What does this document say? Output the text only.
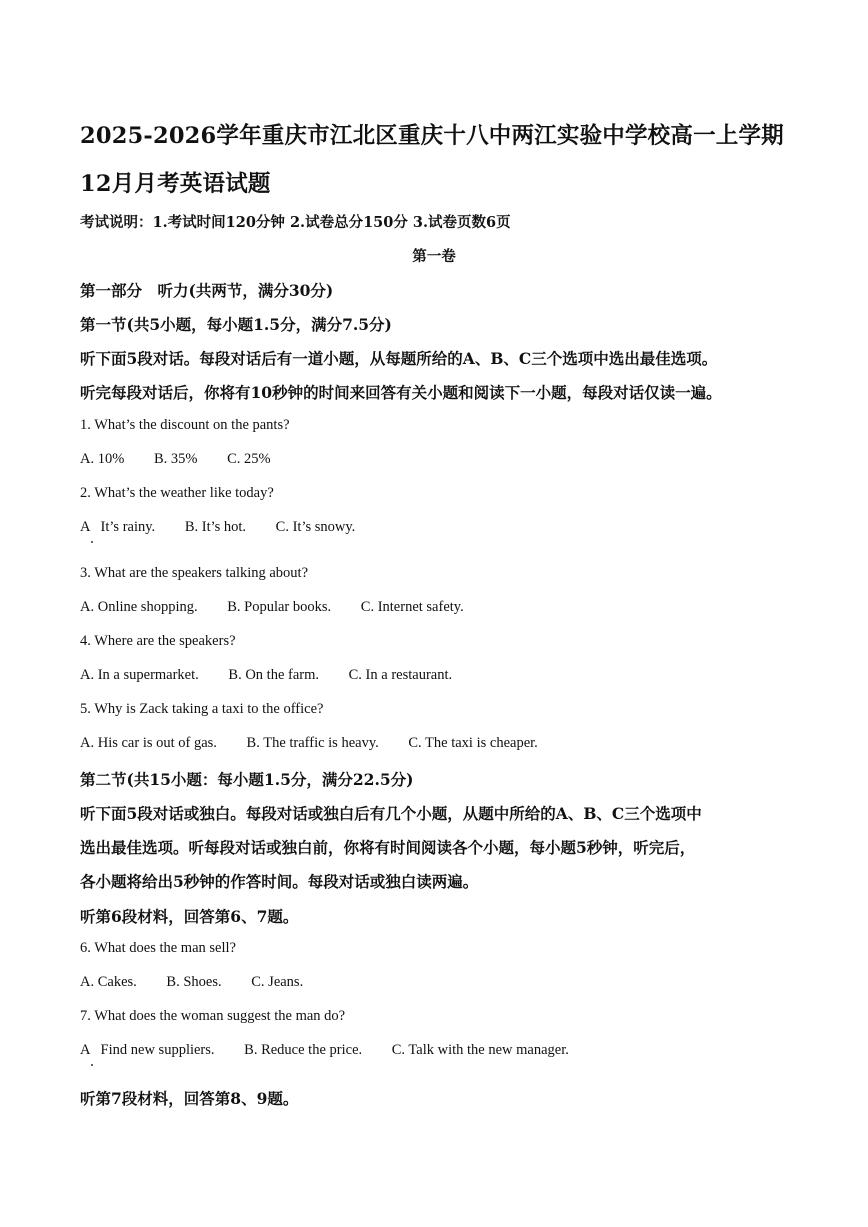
2025-2026学年重庆市江北区重庆十八中两江实验中学校高一上学期
12月月考英语试题
考试说明：1.考试时间120分钟 2.试卷总分150分 3.试卷页数6页
第一卷
第一部分　听力(共两节，满分30分)
第一节(共5小题，每小题1.5分，满分7.5分)
听下面5段对话。每段对话后有一道小题，从每题所给的A、B、C三个选项中选出最佳选项。
听完每段对话后，你将有10秒钟的时间来回答有关小题和阅读下一小题，每段对话仅读一遍。
1. What’s the discount on the pants?
A. 10% B. 35% C. 25%
2. What’s the weather like today?
A   It’s rainy. B. It’s hot. C. It’s snowy.
3. What are the speakers talking about?
A. Online shopping. B. Popular books. C. Internet safety.
4. Where are the speakers?
A. In a supermarket. B. On the farm. C. In a restaurant.
5. Why is Zack taking a taxi to the office?
A. His car is out of gas. B. The traffic is heavy. C. The taxi is cheaper.
第二节(共15小题：每小题1.5分，满分22.5分)
听下面5段对话或独白。每段对话或独白后有几个小题，从题中所给的A、B、C三个选项中
选出最佳选项。听每段对话或独白前，你将有时间阅读各个小题，每小题5秒钟，听完后，
各小题将给出5秒钟的作答时间。每段对话或独白读两遍。
听第6段材料，回答第6、7题。
6. What does the man sell?
A. Cakes. B. Shoes. C. Jeans.
7. What does the woman suggest the man do?
A   Find new suppliers. B. Reduce the price. C. Talk with the new manager.
听第7段材料，回答第8、9题。
